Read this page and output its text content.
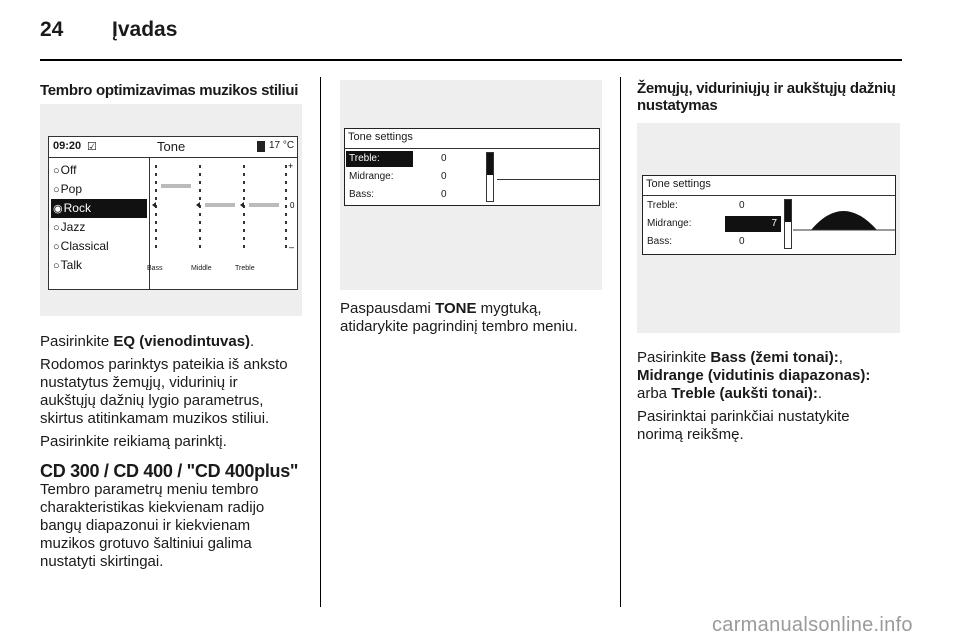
24 Įvadas
Tembro optimizavimas muzikos stiliui
09:20 ☑	Tone	17 °C
○Off
○Pop
◉Rock
○Jazz
○Classical
○Talk
+
0
–
Bass	Middle	Treble

Pasirinkite EQ (vienodintuvas).

Rodomos parinktys pateikia iš anksto
nustatytus žemųjų, vidurinių ir
aukštųjų dažnių lygio parametrus,
skirtus atitinkamam muzikos stiliui.

Pasirinkite reikiamą parinktį.

CD 300 / CD 400 / "CD 400plus"

Tembro parametrų meniu tembro
charakteristikas kiekvienam radijo
bangų diapazonui ir kiekvienam
muzikos grotuvo šaltiniui galima
nustatyti skirtingai.

Tone settings
Treble:	0
Midrange:	0
Bass:	0

Paspausdami TONE mygtuką,
atidarykite pagrindinį tembro meniu.

Žemųjų, viduriniųjų ir aukštųjų dažnių
nustatymas
Tone settings
Treble:	0
Midrange:	7
Bass:	0

Pasirinkite Bass (žemi tonai):,
Midrange (vidutinis diapazonas):
arba Treble (aukšti tonai):.

Pasirinktai parinkčiai nustatykite
norimą reikšmę.

carmanualsonline.info
